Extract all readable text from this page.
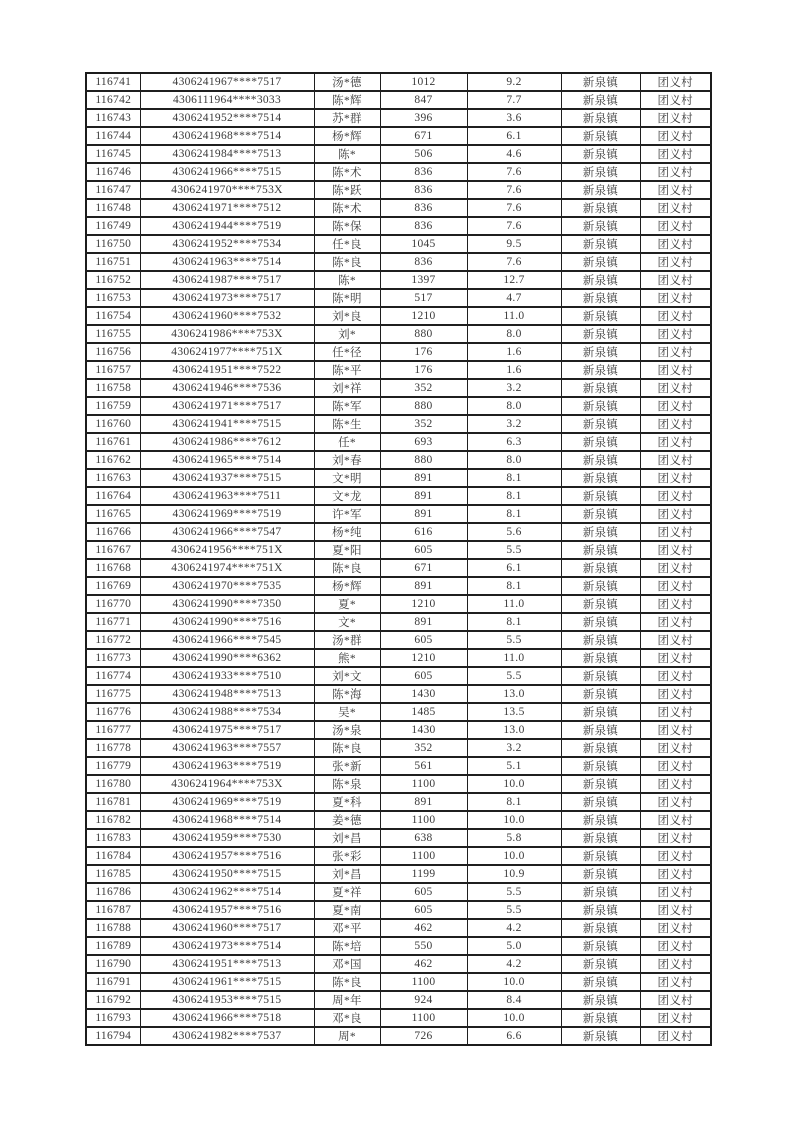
116741	4306241967****7517	汤*德	1012	9.2	新泉镇	团义村
116742	4306111964****3033	陈*辉	847	7.7	新泉镇	团义村
116743	4306241952****7514	苏*群	396	3.6	新泉镇	团义村
116744	4306241968****7514	杨*辉	671	6.1	新泉镇	团义村
116745	4306241984****7513	陈*	506	4.6	新泉镇	团义村
116746	4306241966****7515	陈*术	836	7.6	新泉镇	团义村
116747	4306241970****753X	陈*跃	836	7.6	新泉镇	团义村
116748	4306241971****7512	陈*术	836	7.6	新泉镇	团义村
116749	4306241944****7519	陈*保	836	7.6	新泉镇	团义村
116750	4306241952****7534	任*良	1045	9.5	新泉镇	团义村
116751	4306241963****7514	陈*良	836	7.6	新泉镇	团义村
116752	4306241987****7517	陈*	1397	12.7	新泉镇	团义村
116753	4306241973****7517	陈*明	517	4.7	新泉镇	团义村
116754	4306241960****7532	刘*良	1210	11.0	新泉镇	团义村
116755	4306241986****753X	刘*	880	8.0	新泉镇	团义村
116756	4306241977****751X	任*径	176	1.6	新泉镇	团义村
116757	4306241951****7522	陈*平	176	1.6	新泉镇	团义村
116758	4306241946****7536	刘*祥	352	3.2	新泉镇	团义村
116759	4306241971****7517	陈*军	880	8.0	新泉镇	团义村
116760	4306241941****7515	陈*生	352	3.2	新泉镇	团义村
116761	4306241986****7612	任*	693	6.3	新泉镇	团义村
116762	4306241965****7514	刘*春	880	8.0	新泉镇	团义村
116763	4306241937****7515	文*明	891	8.1	新泉镇	团义村
116764	4306241963****7511	文*龙	891	8.1	新泉镇	团义村
116765	4306241969****7519	许*军	891	8.1	新泉镇	团义村
116766	4306241966****7547	杨*纯	616	5.6	新泉镇	团义村
116767	4306241956****751X	夏*阳	605	5.5	新泉镇	团义村
116768	4306241974****751X	陈*良	671	6.1	新泉镇	团义村
116769	4306241970****7535	杨*辉	891	8.1	新泉镇	团义村
116770	4306241990****7350	夏*	1210	11.0	新泉镇	团义村
116771	4306241990****7516	文*	891	8.1	新泉镇	团义村
116772	4306241966****7545	汤*群	605	5.5	新泉镇	团义村
116773	4306241990****6362	熊*	1210	11.0	新泉镇	团义村
116774	4306241933****7510	刘*文	605	5.5	新泉镇	团义村
116775	4306241948****7513	陈*海	1430	13.0	新泉镇	团义村
116776	4306241988****7534	吴*	1485	13.5	新泉镇	团义村
116777	4306241975****7517	汤*泉	1430	13.0	新泉镇	团义村
116778	4306241963****7557	陈*良	352	3.2	新泉镇	团义村
116779	4306241963****7519	张*新	561	5.1	新泉镇	团义村
116780	4306241964****753X	陈*泉	1100	10.0	新泉镇	团义村
116781	4306241969****7519	夏*科	891	8.1	新泉镇	团义村
116782	4306241968****7514	姜*德	1100	10.0	新泉镇	团义村
116783	4306241959****7530	刘*昌	638	5.8	新泉镇	团义村
116784	4306241957****7516	张*彩	1100	10.0	新泉镇	团义村
116785	4306241950****7515	刘*昌	1199	10.9	新泉镇	团义村
116786	4306241962****7514	夏*祥	605	5.5	新泉镇	团义村
116787	4306241957****7516	夏*南	605	5.5	新泉镇	团义村
116788	4306241960****7517	邓*平	462	4.2	新泉镇	团义村
116789	4306241973****7514	陈*培	550	5.0	新泉镇	团义村
116790	4306241951****7513	邓*国	462	4.2	新泉镇	团义村
116791	4306241961****7515	陈*良	1100	10.0	新泉镇	团义村
116792	4306241953****7515	周*年	924	8.4	新泉镇	团义村
116793	4306241966****7518	邓*良	1100	10.0	新泉镇	团义村
116794	4306241982****7537	周*	726	6.6	新泉镇	团义村
